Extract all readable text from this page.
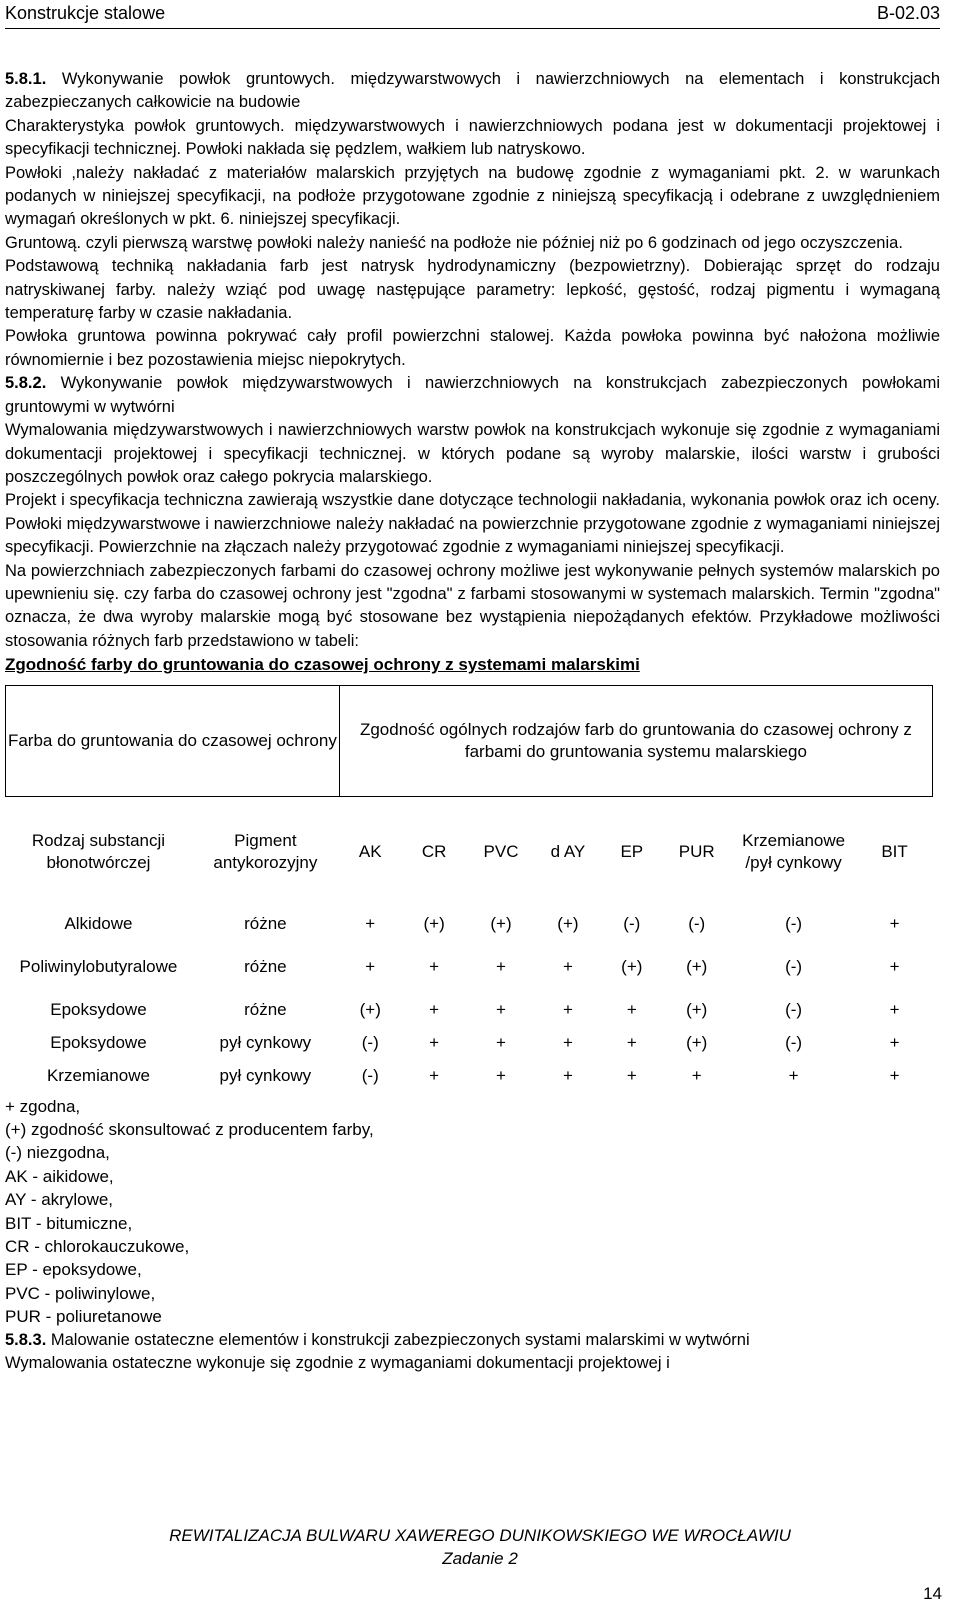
Konstrukcje stalowe	B-02.03

5.8.1. Wykonywanie powłok gruntowych. międzywarstwowych i nawierzchniowych na elementach i konstrukcjach zabezpieczanych całkowicie na budowie

Charakterystyka powłok gruntowych. międzywarstwowych i nawierzchniowych podana jest w dokumentacji projektowej i specyfikacji technicznej. Powłoki nakłada się pędzlem, wałkiem lub natryskowo.

Powłoki ,należy nakładać z materiałów malarskich przyjętych na budowę zgodnie z wymaganiami pkt. 2. w warunkach podanych w niniejszej specyfikacji, na podłoże przygotowane zgodnie z niniejszą specyfikacją i odebrane z uwzględnieniem wymagań określonych w pkt. 6. niniejszej specyfikacji.

Gruntową. czyli pierwszą warstwę powłoki należy nanieść na podłoże nie później niż po 6 godzinach od jego oczyszczenia.

Podstawową techniką nakładania farb jest natrysk hydrodynamiczny (bezpowietrzny). Dobierając sprzęt do rodzaju natryskiwanej farby. należy wziąć pod uwagę następujące parametry: lepkość, gęstość, rodzaj pigmentu i wymaganą temperaturę farby w czasie nakładania.

Powłoka gruntowa powinna pokrywać cały profil powierzchni stalowej. Każda powłoka powinna być nałożona możliwie równomiernie i bez pozostawienia miejsc niepokrytych.

5.8.2. Wykonywanie powłok międzywarstwowych i nawierzchniowych na konstrukcjach zabezpieczonych powłokami gruntowymi w wytwórni

Wymalowania międzywarstwowych i nawierzchniowych warstw powłok na konstrukcjach wykonuje się zgodnie z wymaganiami dokumentacji projektowej i specyfikacji technicznej. w których podane są wyroby malarskie, ilości warstw i grubości poszczególnych powłok oraz całego pokrycia malarskiego.

Projekt i specyfikacja techniczna zawierają wszystkie dane dotyczące technologii nakładania, wykonania powłok oraz ich oceny. Powłoki międzywarstwowe i nawierzchniowe należy nakładać na powierzchnie przygotowane zgodnie z wymaganiami niniejszej specyfikacji. Powierzchnie na złączach należy przygotować zgodnie z wymaganiami niniejszej specyfikacji.

Na powierzchniach zabezpieczonych farbami do czasowej ochrony możliwe jest wykonywanie pełnych systemów malarskich po upewnieniu się. czy farba do czasowej ochrony jest "zgodna" z farbami stosowanymi w systemach malarskich. Termin "zgodna" oznacza, że dwa wyroby malarskie mogą być stosowane bez wystąpienia niepożądanych efektów. Przykładowe możliwości stosowania różnych farb przedstawiono w tabeli:

Zgodność farby do gruntowania do czasowej ochrony z systemami malarskimi

Farba do gruntowania do czasowej ochrony		Zgodność ogólnych rodzajów farb do gruntowania do czasowej ochrony z farbami do gruntowania systemu malarskiego							
Rodzaj substancji błonotwórczej	Pigment antykorozyjny	AK	CR	PVC	d AY	EP	PUR	Krzemianowe /pył cynkowy	BIT
Alkidowe	różne	+	(+)	(+)	(+)	(-)	(-)	(-)	+

Poliwinylobutyralowe	różne	+	+	+	+	(+)	(+)	(-)	+

Epoksydowe	różne	(+)	+	+	+	+	(+)	(-)	+
Epoksydowe	pył cynkowy	(-)	+	+	+	+	(+)	(-)	+
Krzemianowe	pył cynkowy	(-)	+	+	+	+	+	+	+
+ zgodna,
(+) zgodność skonsultować z producentem farby,
(-) niezgodna,
AK - aikidowe,
AY - akrylowe,
BIT - bitumiczne,
CR - chlorokauczukowe,
EP - epoksydowe,
PVC - poliwinylowe,
PUR - poliuretanowe

5.8.3. Malowanie ostateczne elementów i konstrukcji zabezpieczonych systami malarskimi w wytwórni

Wymalowania ostateczne wykonuje się zgodnie z wymaganiami dokumentacji projektowej i

REWITALIZACJA BULWARU XAWEREGO DUNIKOWSKIEGO WE WROCŁAWIU
Zadanie 2
14
